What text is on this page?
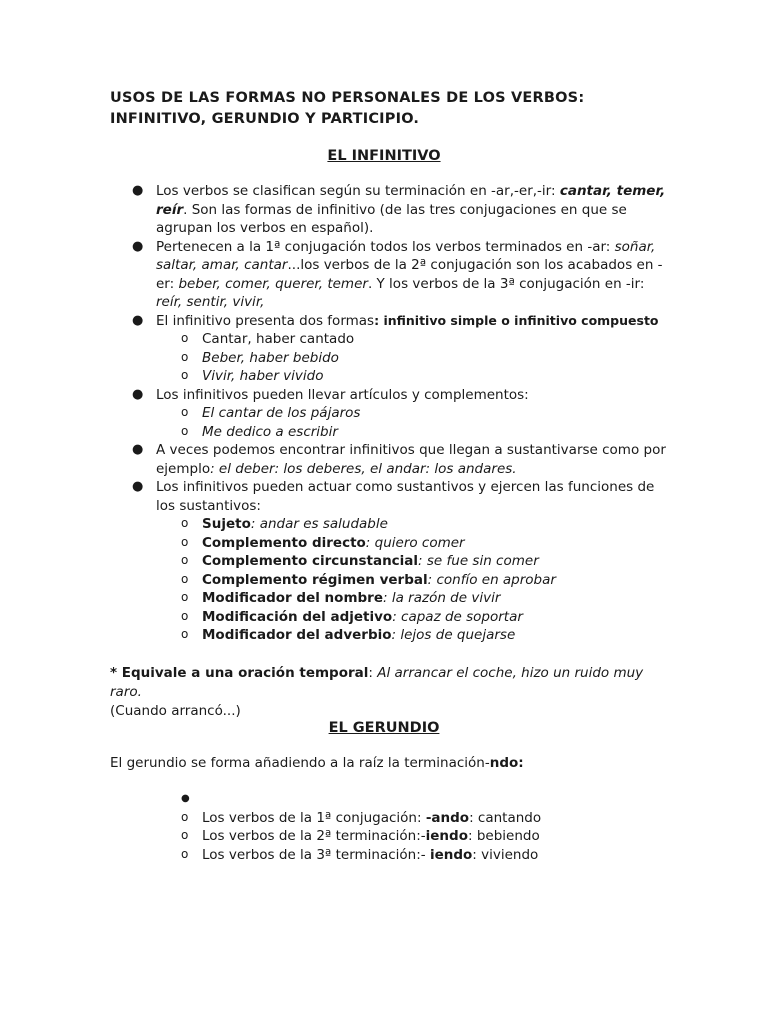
USOS DE LAS FORMAS NO PERSONALES DE LOS VERBOS:
INFINITIVO, GERUNDIO Y PARTICIPIO.
EL INFINITIVO
● Los verbos se clasifican según su terminación en -ar,-er,-ir: cantar, temer, reír. Son las formas de infinitivo (de las tres conjugaciones en que se agrupan los verbos en español).
● Pertenecen a la 1ª conjugación todos los verbos terminados en -ar: soñar, saltar, amar, cantar...los verbos de la 2ª conjugación son los acabados en -er: beber, comer, querer, temer. Y los verbos de la 3ª conjugación en -ir: reír, sentir, vivir,
● El infinitivo presenta dos formas: infinitivo simple o infinitivo compuesto
o Cantar, haber cantado
o Beber, haber bebido
o Vivir, haber vivido
● Los infinitivos pueden llevar artículos y complementos:
o El cantar de los pájaros
o Me dedico a escribir
● A veces podemos encontrar infinitivos que llegan a sustantivarse como por ejemplo: el deber: los deberes, el andar: los andares.
● Los infinitivos pueden actuar como sustantivos y ejercen las funciones de los sustantivos:
o Sujeto: andar es saludable
o Complemento directo: quiero comer
o Complemento circunstancial: se fue sin comer
o Complemento régimen verbal: confío en aprobar
o Modificador del nombre: la razón de vivir
o Modificación del adjetivo: capaz de soportar
o Modificador del adverbio: lejos de quejarse

* Equivale a una oración temporal: Al arrancar el coche, hizo un ruido muy raro.

(Cuando arrancó...)

EL GERUNDIO

El gerundio se forma añadiendo a la raíz la terminación-ndo:

●

o Los verbos de la 1ª conjugación: -ando: cantando
o Los verbos de la 2ª terminación:-iendo: bebiendo
o Los verbos de la 3ª terminación:- iendo: viviendo
